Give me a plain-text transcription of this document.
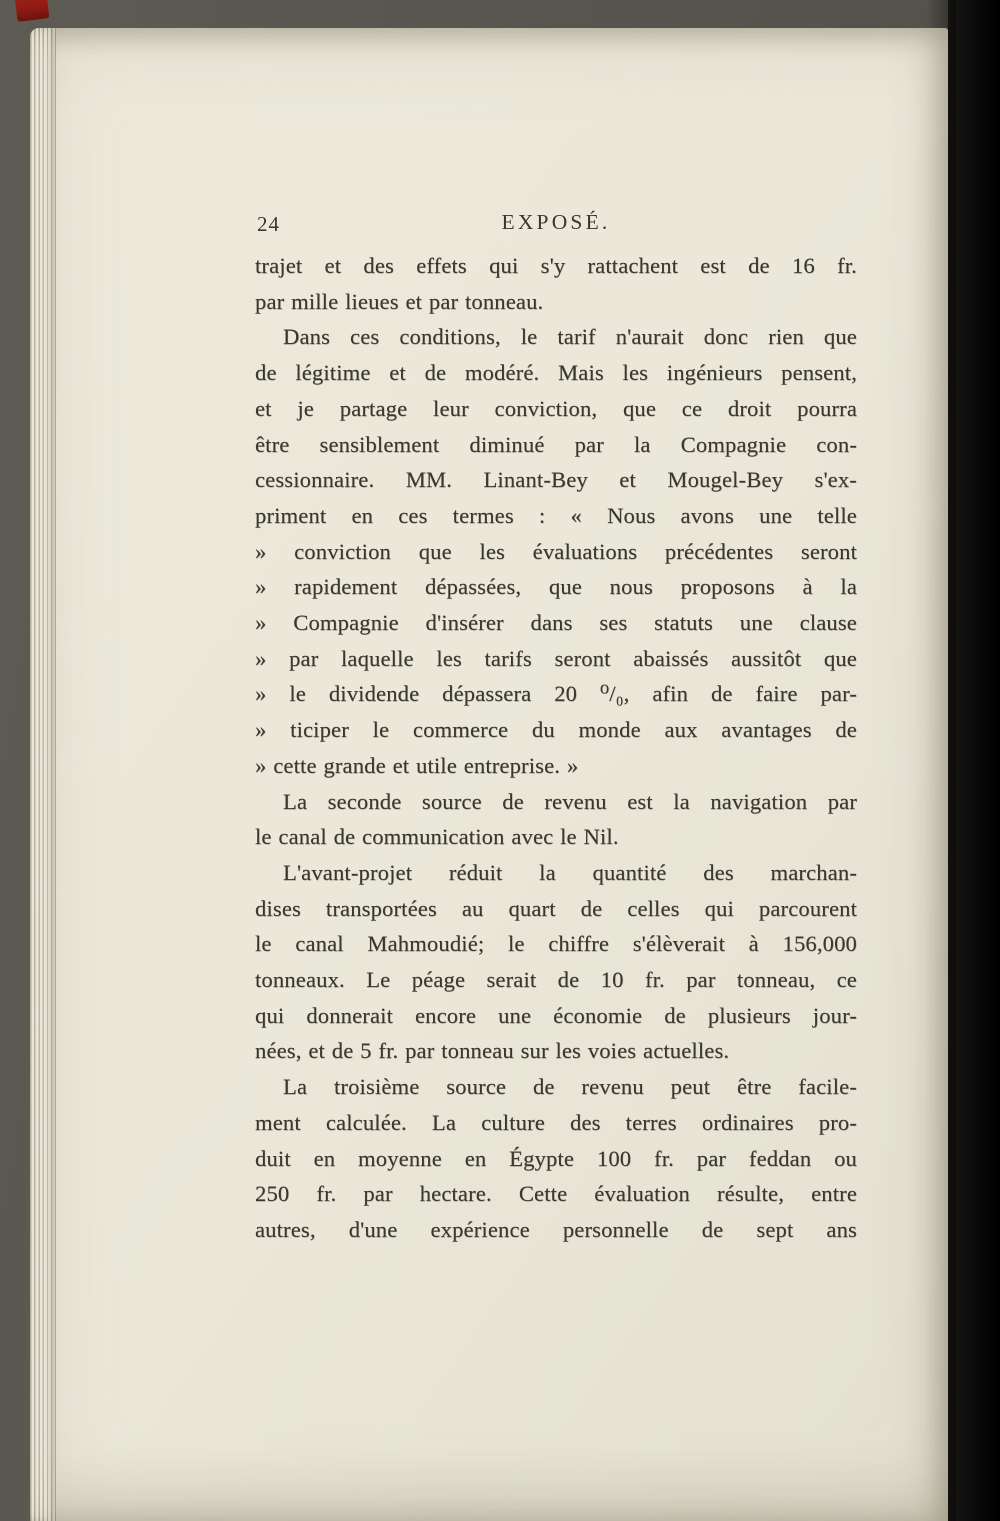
24	EXPOSÉ.
trajet et des effets qui s'y rattachent est de 16 fr.
par mille lieues et par tonneau.
Dans ces conditions, le tarif n'aurait donc rien que
de légitime et de modéré. Mais les ingénieurs pensent,
et je partage leur conviction, que ce droit pourra
être sensiblement diminué par la Compagnie con-
cessionnaire. MM. Linant-Bey et Mougel-Bey s'ex-
priment en ces termes : « Nous avons une telle
» conviction que les évaluations précédentes seront
» rapidement dépassées, que nous proposons à la
» Compagnie d'insérer dans ses statuts une clause
» par laquelle les tarifs seront abaissés aussitôt que
» le dividende dépassera 20 ⁰/₀, afin de faire par-
» ticiper le commerce du monde aux avantages de
» cette grande et utile entreprise. »
La seconde source de revenu est la navigation par
le canal de communication avec le Nil.
L'avant-projet réduit la quantité des marchan-
dises transportées au quart de celles qui parcourent
le canal Mahmoudié; le chiffre s'élèverait à 156,000
tonneaux. Le péage serait de 10 fr. par tonneau, ce
qui donnerait encore une économie de plusieurs jour-
nées, et de 5 fr. par tonneau sur les voies actuelles.
La troisième source de revenu peut être facile-
ment calculée. La culture des terres ordinaires pro-
duit en moyenne en Égypte 100 fr. par feddan ou
250 fr. par hectare. Cette évaluation résulte, entre
autres, d'une expérience personnelle de sept ans
